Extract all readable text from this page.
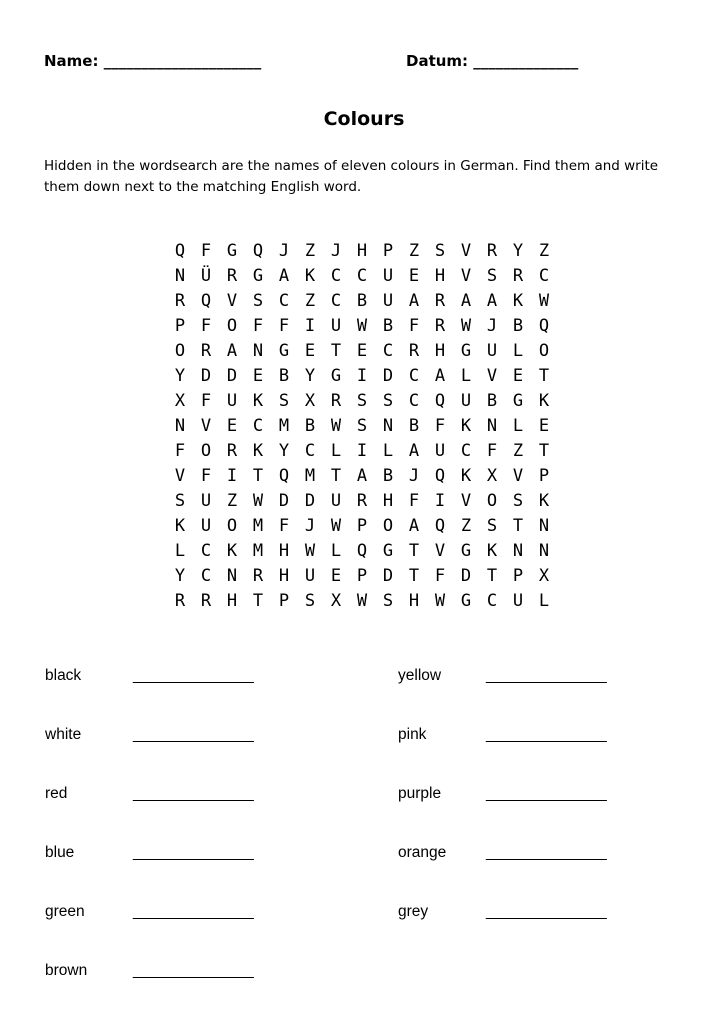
Name: _____________________	Datum: ______________
Colours
Hidden in the wordsearch are the names of eleven colours in German. Find them and write them down next to the matching English word.
Q F G Q J Z J H P Z S V R Y Z
N Ü R G A K C C U E H V S R C
R Q V S C Z C B U A R A A K W
P F O F F I U W B F R W J B Q
O R A N G E T E C R H G U L O
Y D D E B Y G I D C A L V E T
X F U K S X R S S C Q U B G K
N V E C M B W S N B F K N L E
F O R K Y C L I L A U C F Z T
V F I T Q M T A B J Q K X V P
S U Z W D D U R H F I V O S K
K U O M F J W P O A Q Z S T N
L C K M H W L Q G T V G K N N
Y C N R H U E P D T F D T P X
R R H T P S X W S H W G C U L
black	______________
white	______________
red	______________
blue	______________
green	______________
brown	______________
yellow	______________
pink	______________
purple	______________
orange	______________
grey	______________
